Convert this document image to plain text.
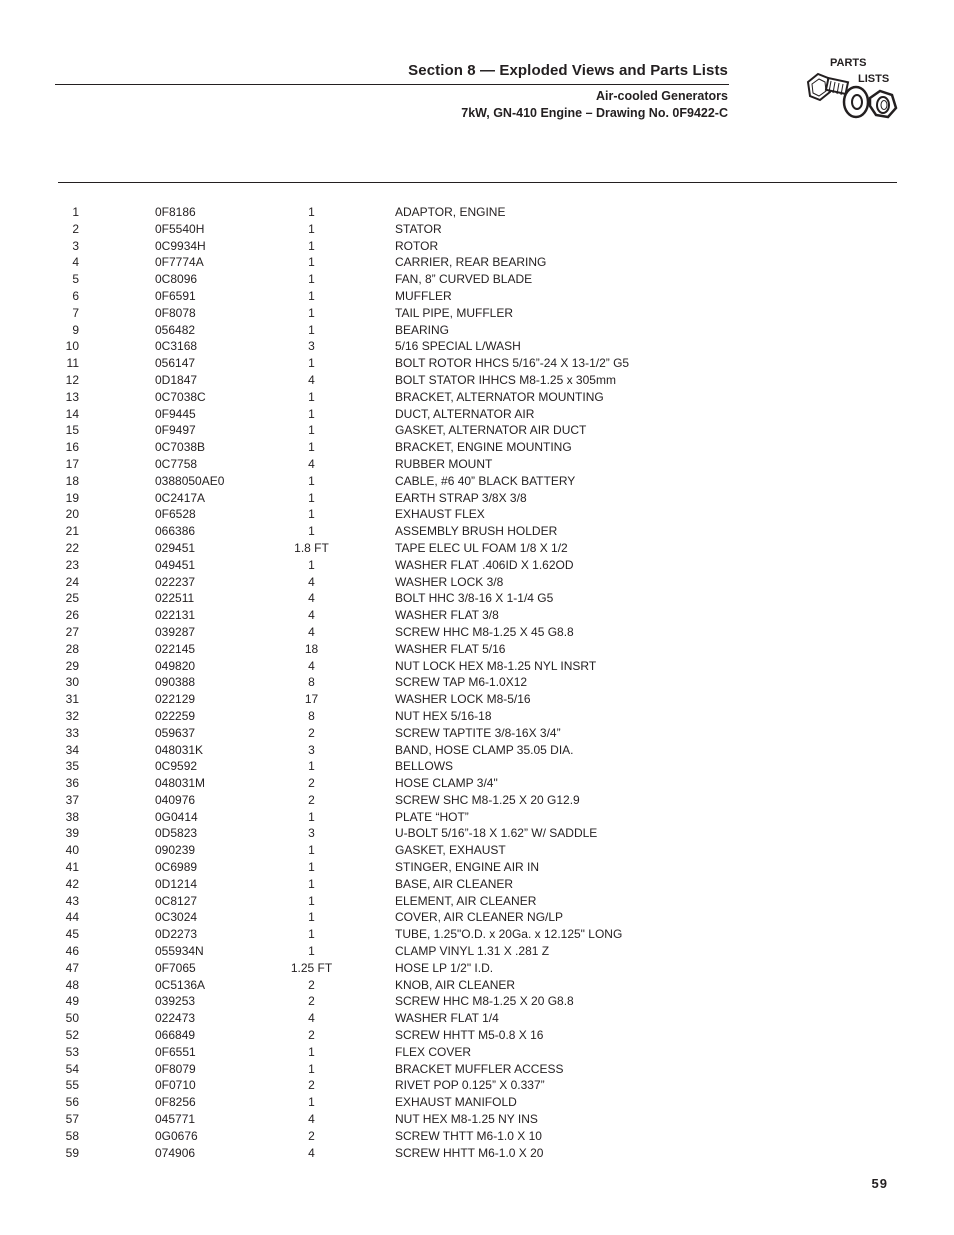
Section 8 — Exploded Views and Parts Lists
Air-cooled Generators
7kW, GN-410 Engine – Drawing No. 0F9422-C
PARTS
LISTS
1	0F8186	1	ADAPTOR, ENGINE
2	0F5540H	1	STATOR
3	0C9934H	1	ROTOR
4	0F7774A	1	CARRIER, REAR BEARING
5	0C8096	1	FAN, 8” CURVED BLADE
6	0F6591	1	MUFFLER
7	0F8078	1	TAIL PIPE, MUFFLER
9	056482	1	BEARING
10	0C3168	3	5/16 SPECIAL L/WASH
11	056147	1	BOLT ROTOR HHCS 5/16”-24 X 13-1/2” G5
12	0D1847	4	BOLT STATOR IHHCS M8-1.25 x 305mm
13	0C7038C	1	BRACKET, ALTERNATOR MOUNTING
14	0F9445	1	DUCT, ALTERNATOR AIR
15	0F9497	1	GASKET, ALTERNATOR AIR DUCT
16	0C7038B	1	BRACKET, ENGINE MOUNTING
17	0C7758	4	RUBBER MOUNT
18	0388050AE0	1	CABLE, #6 40” BLACK BATTERY
19	0C2417A	1	EARTH STRAP 3/8X 3/8
20	0F6528	1	EXHAUST FLEX
21	066386	1	ASSEMBLY BRUSH HOLDER
22	029451	1.8 FT	TAPE ELEC UL FOAM 1/8 X 1/2
23	049451	1	WASHER FLAT .406ID X 1.62OD
24	022237	4	WASHER LOCK 3/8
25	022511	4	BOLT HHC 3/8-16 X 1-1/4 G5
26	022131	4	WASHER FLAT 3/8
27	039287	4	SCREW HHC M8-1.25 X 45 G8.8
28	022145	18	WASHER FLAT 5/16
29	049820	4	NUT LOCK HEX M8-1.25 NYL INSRT
30	090388	8	SCREW TAP M6-1.0X12
31	022129	17	WASHER LOCK M8-5/16
32	022259	8	NUT HEX 5/16-18
33	059637	2	SCREW TAPTITE 3/8-16X 3/4”
34	048031K	3	BAND, HOSE CLAMP 35.05 DIA.
35	0C9592	1	BELLOWS
36	048031M	2	HOSE CLAMP 3/4"
37	040976	2	SCREW SHC M8-1.25 X 20 G12.9
38	0G0414	1	PLATE “HOT”
39	0D5823	3	U-BOLT 5/16”-18 X 1.62” W/ SADDLE
40	090239	1	GASKET, EXHAUST
41	0C6989	1	STINGER, ENGINE AIR IN
42	0D1214	1	BASE, AIR CLEANER
43	0C8127	1	ELEMENT, AIR CLEANER
44	0C3024	1	COVER, AIR CLEANER NG/LP
45	0D2273	1	TUBE, 1.25"O.D. x 20Ga. x 12.125" LONG
46	055934N	1	CLAMP VINYL 1.31 X .281 Z
47	0F7065	1.25 FT	HOSE LP 1/2" I.D.
48	0C5136A	2	KNOB, AIR CLEANER
49	039253	2	SCREW HHC M8-1.25 X 20 G8.8
50	022473	4	WASHER FLAT 1/4
52	066849	2	SCREW HHTT M5-0.8 X 16
53	0F6551	1	FLEX COVER
54	0F8079	1	BRACKET MUFFLER ACCESS
55	0F0710	2	RIVET POP 0.125” X 0.337”
56	0F8256	1	EXHAUST MANIFOLD
57	045771	4	NUT HEX M8-1.25 NY INS
58	0G0676	2	SCREW THTT M6-1.0 X 10
59	074906	4	SCREW HHTT M6-1.0 X 20
59
